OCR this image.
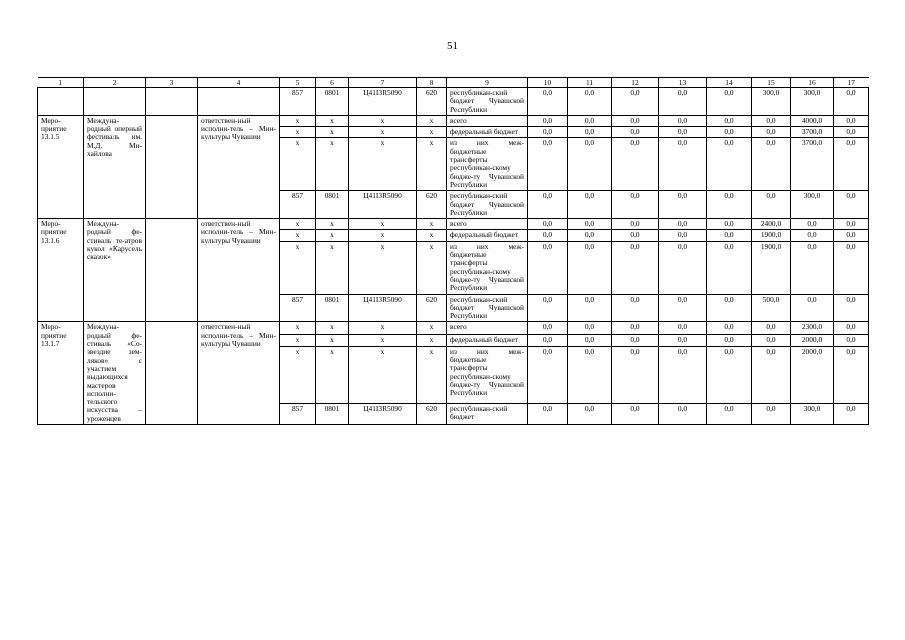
51
1	2	3	4	5	6	7	8	9	10	11	12	13	14	15	16	17
				857	0801	Ц41I3R5090	620	республикан-ский бюджет Чувашской Республики	0,0	0,0	0,0	0,0	0,0	300,0	300,0	0,0
Меро-приятие 13.1.5	Междуна-родный оперный фестиваль им. М.Д. Ми-хайлова		ответствен-ный исполни-тель – Мин-культуры Чувашии	x	x	x	x	всего	0,0	0,0	0,0	0,0	0,0	0,0	4000,0	0,0
				x	x	x	x	федеральный бюджет	0,0	0,0	0,0	0,0	0,0	0,0	3700,0	0,0
				x	x	x	x	из них меж-бюджетные трансферты республикан-скому бюдже-ту Чувашской Республики	0,0	0,0	0,0	0,0	0,0	0,0	3700,0	0,0
				857	0801	Ц41I3R5090	620	республикан-ский бюджет Чувашской Республики	0,0	0,0	0,0	0,0	0,0	0,0	300,0	0,0
Меро-приятие 13.1.6	Междуна-родный фе-стиваль те-атров кукол «Карусель сказок»		ответствен-ный исполни-тель – Мин-культуры Чувашии	x	x	x	x	всего	0,0	0,0	0,0	0,0	0,0	2400,0	0,0	0,0
				x	x	x	x	федеральный бюджет	0,0	0,0	0,0	0,0	0,0	1900,0	0,0	0,0
				x	x	x	x	из них меж-бюджетные трансферты республикан-скому бюдже-ту Чувашской Республики	0,0	0,0	0,0	0,0	0,0	1900,0	0,0	0,0
				857	0801	Ц41I3R5090	620	республикан-ский бюджет Чувашской Республики	0,0	0,0	0,0	0,0	0,0	500,0	0,0	0,0
Меро-приятие 13.1.7	Междуна-родный фе-стиваль «Со-звездие зем-ляков» с участием выдающихся мастеров исполни-тельского искусства – уроженцев		ответствен-ный исполни-тель – Мин-культуры Чувашии	x	x	x	x	всего	0,0	0,0	0,0	0,0	0,0	0,0	2300,0	0,0
				x	x	x	x	федеральный бюджет	0,0	0,0	0,0	0,0	0,0	0,0	2000,0	0,0
				x	x	x	x	из них меж-бюджетные трансферты республикан-скому бюдже-ту Чувашской Республики	0,0	0,0	0,0	0,0	0,0	0,0	2000,0	0,0
				857	0801	Ц41I3R5090	620	республикан-ский бюджет	0,0	0,0	0,0	0,0	0,0	0,0	300,0	0,0
